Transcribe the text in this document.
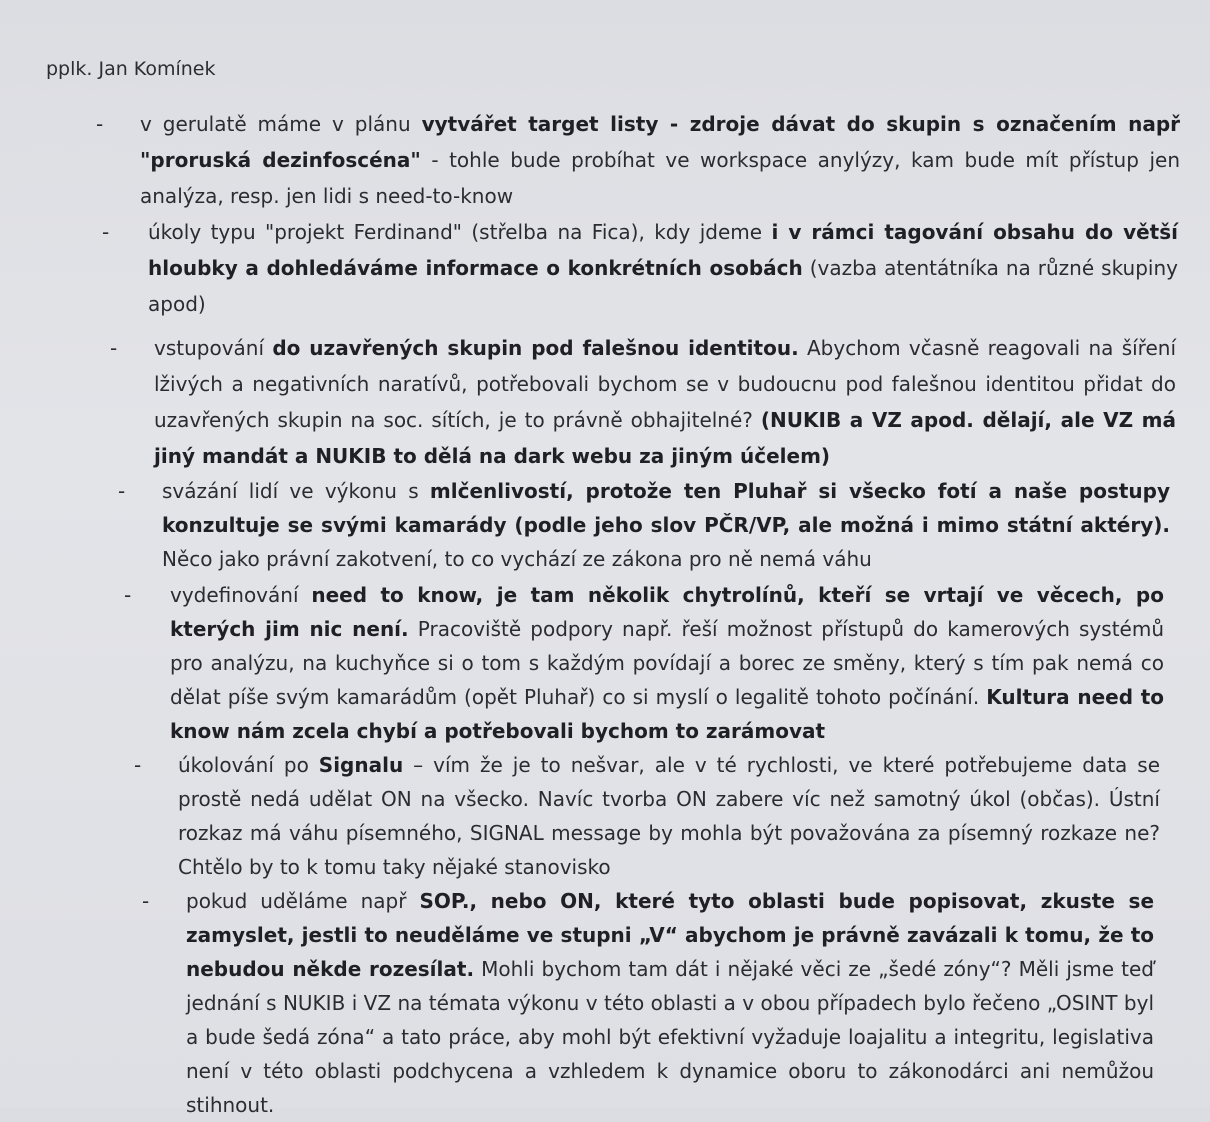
pplk. Jan Komínek
- v gerulatě máme v plánu vytvářet target listy - zdroje dávat do skupin s označením např "proruská dezinfoscéna" - tohle bude probíhat ve workspace anylýzy, kam bude mít přístup jen analýza, resp. jen lidi s need-to-know
- úkoly typu "projekt Ferdinand" (střelba na Fica), kdy jdeme i v rámci tagování obsahu do větší hloubky a dohledáváme informace o konkrétních osobách (vazba atentátníka na různé skupiny apod)
- vstupování do uzavřených skupin pod falešnou identitou. Abychom včasně reagovali na šíření lživých a negativních naratívů, potřebovali bychom se v budoucnu pod falešnou identitou přidat do uzavřených skupin na soc. sítích, je to právně obhajitelné? (NUKIB a VZ apod. dělají, ale VZ má jiný mandát a NUKIB to dělá na dark webu za jiným účelem)
- svázání lidí ve výkonu s mlčenlivostí, protože ten Pluhař si všecko fotí a naše postupy konzultuje se svými kamarády (podle jeho slov PČR/VP, ale možná i mimo státní aktéry). Něco jako právní zakotvení, to co vychází ze zákona pro ně nemá váhu
- vydefinování need to know, je tam několik chytrolínů, kteří se vrtají ve věcech, po kterých jim nic není. Pracoviště podpory např. řeší možnost přístupů do kamerových systémů pro analýzu, na kuchyňce si o tom s každým povídají a borec ze směny, který s tím pak nemá co dělat píše svým kamarádům (opět Pluhař) co si myslí o legalitě tohoto počínání. Kultura need to know nám zcela chybí a potřebovali bychom to zarámovat
- úkolování po Signalu – vím že je to nešvar, ale v té rychlosti, ve které potřebujeme data se prostě nedá udělat ON na všecko. Navíc tvorba ON zabere víc než samotný úkol (občas). Ústní rozkaz má váhu písemného, SIGNAL message by mohla být považována za písemný rozkaze ne? Chtělo by to k tomu taky nějaké stanovisko
- pokud uděláme např SOP., nebo ON, které tyto oblasti bude popisovat, zkuste se zamyslet, jestli to neuděláme ve stupni „V“ abychom je právně zavázali k tomu, že to nebudou někde rozesílat. Mohli bychom tam dát i nějaké věci ze „šedé zóny“? Měli jsme teď jednání s NUKIB i VZ na témata výkonu v této oblasti a v obou případech bylo řečeno „OSINT byl a bude šedá zóna“ a tato práce, aby mohl být efektivní vyžaduje loajalitu a integritu, legislativa není v této oblasti podchycena a vzhledem k dynamice oboru to zákonodárci ani nemůžou stihnout.
